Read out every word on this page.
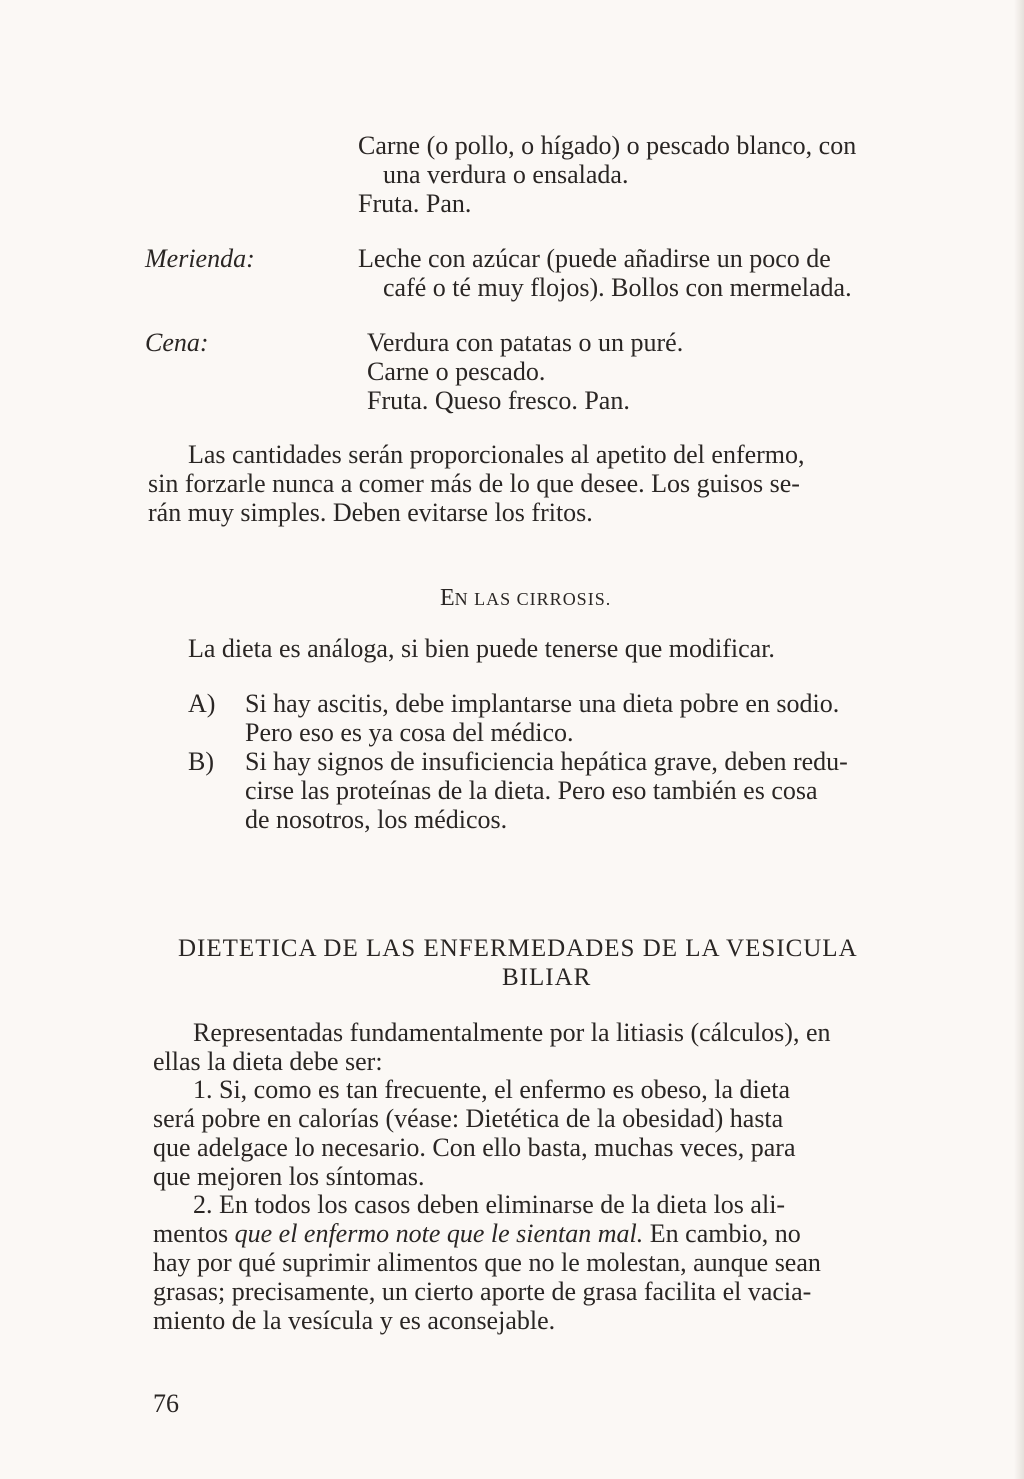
Carne (o pollo, o hígado) o pescado blanco, con
una verdura o ensalada.
Fruta. Pan.
Merienda:	Leche con azúcar (puede añadirse un poco de
café o té muy flojos). Bollos con mermelada.
Cena:	Verdura con patatas o un puré.
Carne o pescado.
Fruta. Queso fresco. Pan.
Las cantidades serán proporcionales al apetito del enfermo,
sin forzarle nunca a comer más de lo que desee. Los guisos se-
rán muy simples. Deben evitarse los fritos.
EN LAS CIRROSIS.
La dieta es análoga, si bien puede tenerse que modificar.
A) Si hay ascitis, debe implantarse una dieta pobre en sodio.
Pero eso es ya cosa del médico.
B) Si hay signos de insuficiencia hepática grave, deben redu-
cirse las proteínas de la dieta. Pero eso también es cosa
de nosotros, los médicos.
DIETETICA DE LAS ENFERMEDADES DE LA VESICULA
BILIAR
Representadas fundamentalmente por la litiasis (cálculos), en
ellas la dieta debe ser:
1. Si, como es tan frecuente, el enfermo es obeso, la dieta
será pobre en calorías (véase: Dietética de la obesidad) hasta
que adelgace lo necesario. Con ello basta, muchas veces, para
que mejoren los síntomas.
2. En todos los casos deben eliminarse de la dieta los ali-
mentos que el enfermo note que le sientan mal. En cambio, no
hay por qué suprimir alimentos que no le molestan, aunque sean
grasas; precisamente, un cierto aporte de grasa facilita el vacia-
miento de la vesícula y es aconsejable.
76
